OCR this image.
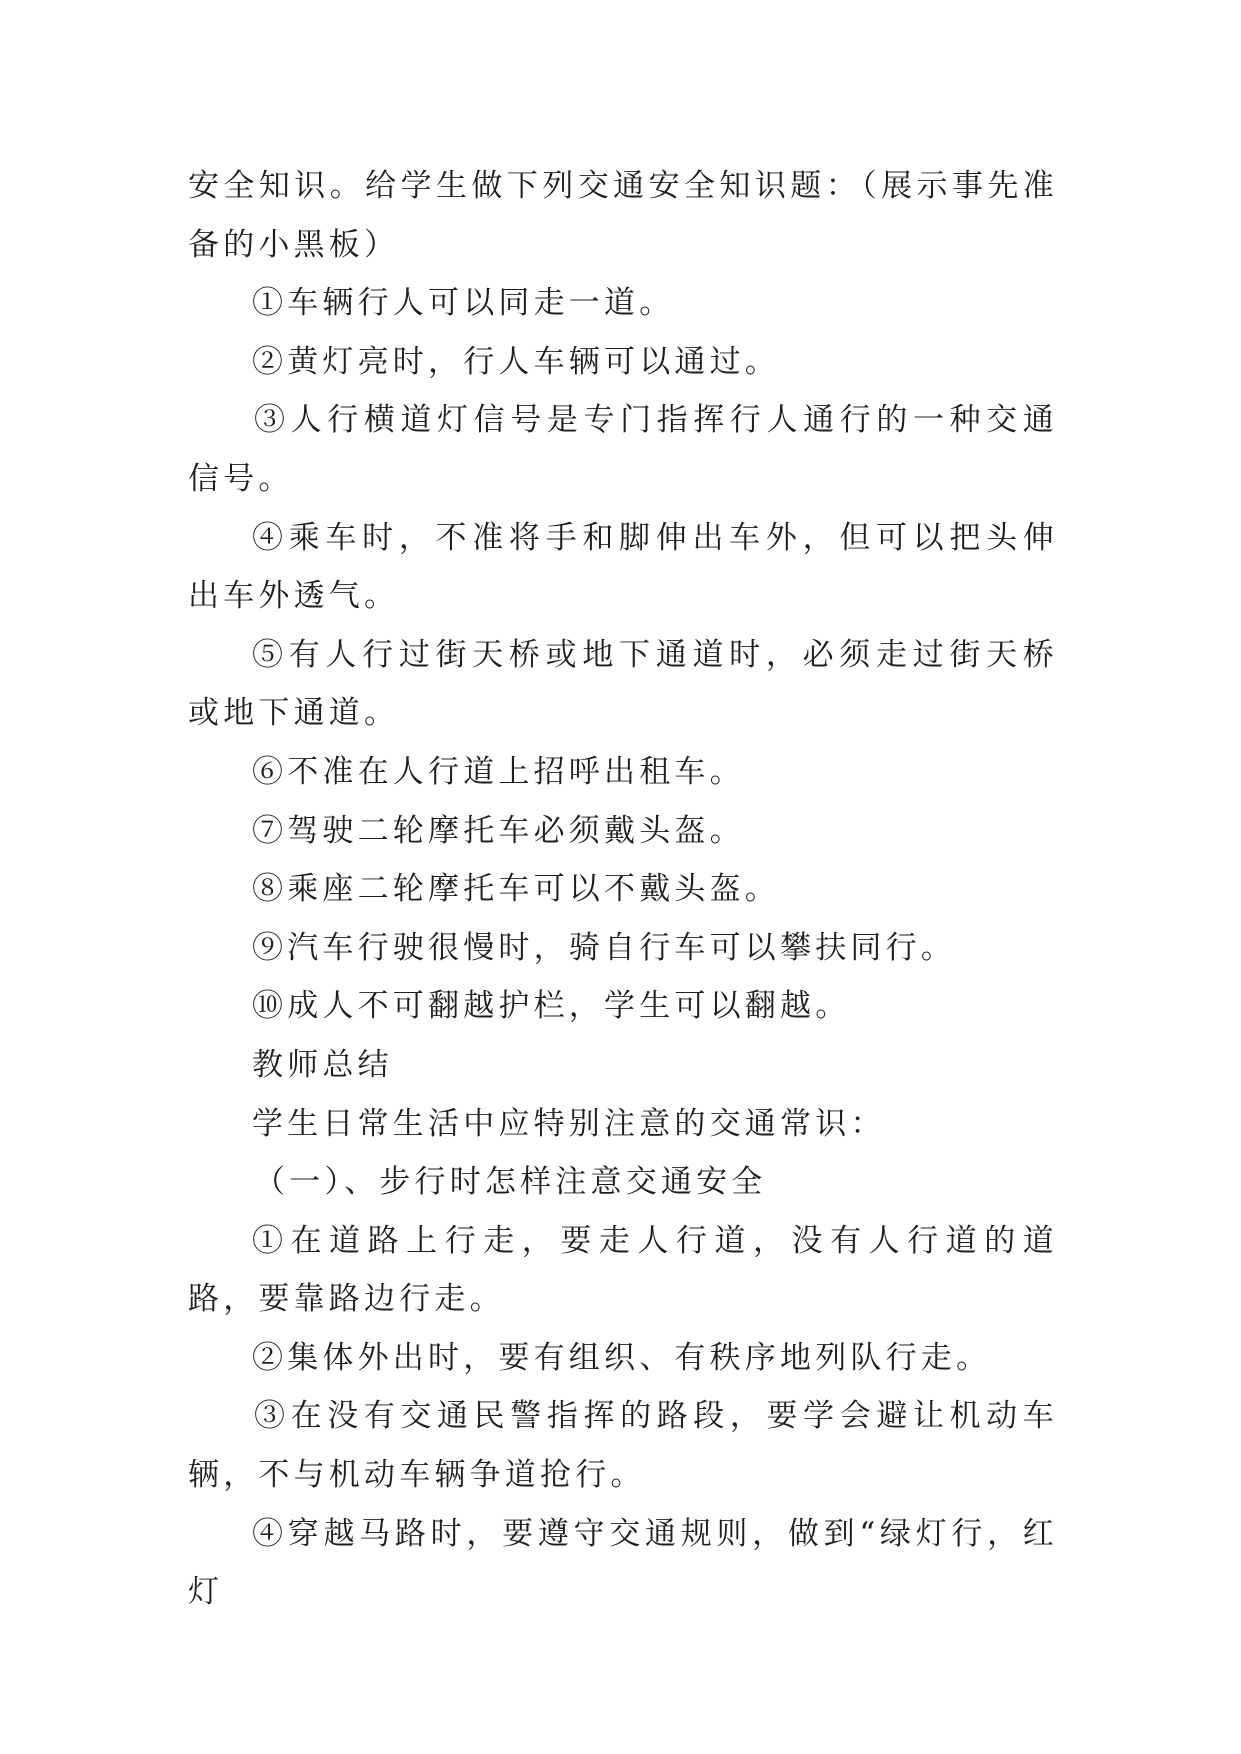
安全知识。给学生做下列交通安全知识题：（展示事先准备的小黑板）

①车辆行人可以同走一道。

②黄灯亮时，行人车辆可以通过。

③人行横道灯信号是专门指挥行人通行的一种交通信号。

④乘车时，不准将手和脚伸出车外，但可以把头伸出车外透气。

⑤有人行过街天桥或地下通道时，必须走过街天桥或地下通道。

⑥不准在人行道上招呼出租车。

⑦驾驶二轮摩托车必须戴头盔。

⑧乘座二轮摩托车可以不戴头盔。

⑨汽车行驶很慢时，骑自行车可以攀扶同行。

⑩成人不可翻越护栏，学生可以翻越。

教师总结

学生日常生活中应特别注意的交通常识：

（一）、步行时怎样注意交通安全

①在道路上行走，要走人行道，没有人行道的道路，要靠路边行走。

②集体外出时，要有组织、有秩序地列队行走。

③在没有交通民警指挥的路段，要学会避让机动车辆，不与机动车辆争道抢行。

④穿越马路时，要遵守交通规则，做到“绿灯行，红灯
